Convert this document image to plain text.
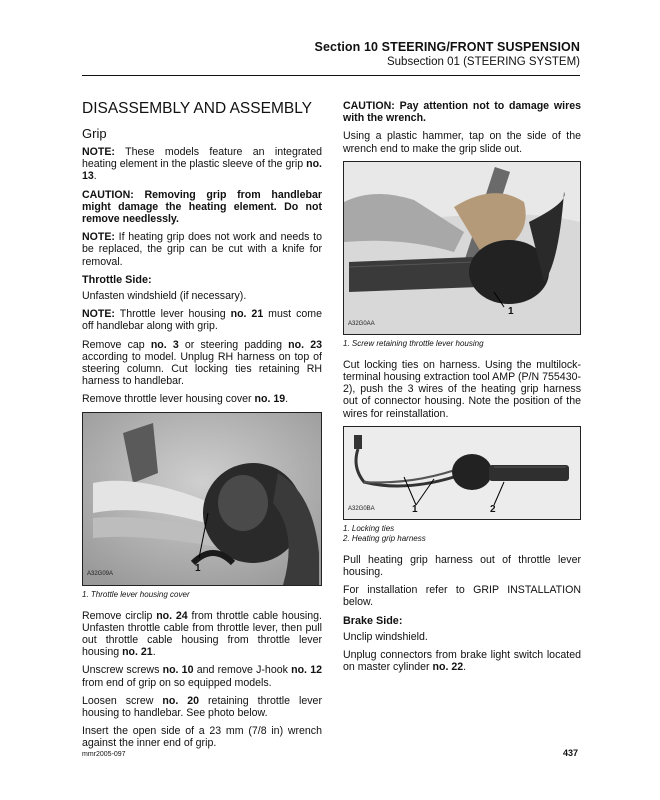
Section 10 STEERING/FRONT SUSPENSION
Subsection 01 (STEERING SYSTEM)
DISASSEMBLY AND ASSEMBLY
Grip

NOTE: These models feature an integrated heating element in the plastic sleeve of the grip no. 13.

CAUTION: Removing grip from handlebar might damage the heating element. Do not remove needlessly.

NOTE: If heating grip does not work and needs to be replaced, the grip can be cut with a knife for removal.

Throttle Side:

Unfasten windshield (if necessary).

NOTE: Throttle lever housing no. 21 must come off handlebar along with grip.

Remove cap no. 3 or steering padding no. 23 according to model. Unplug RH harness on top of steering column. Cut locking ties retaining RH harness to handlebar.

Remove throttle lever housing cover no. 19.

A32G09A
1
1. Throttle lever housing cover

Remove circlip no. 24 from throttle cable housing. Unfasten throttle cable from throttle lever, then pull out throttle cable housing from throttle lever housing no. 21.

Unscrew screws no. 10 and remove J-hook no. 12 from end of grip on so equipped models.

Loosen screw no. 20 retaining throttle lever housing to handlebar. See photo below.

Insert the open side of a 23 mm (7/8 in) wrench against the inner end of grip.

CAUTION: Pay attention not to damage wires with the wrench.

Using a plastic hammer, tap on the side of the wrench end to make the grip slide out.

A32G0AA
1
1. Screw retaining throttle lever housing

Cut locking ties on harness. Using the multilock-terminal housing extraction tool AMP (P/N 755430-2), push the 3 wires of the heating grip harness out of connector housing. Note the position of the wires for reinstallation.

A32G0BA	1	2
1. Locking ties
2. Heating grip harness

Pull heating grip harness out of throttle lever housing.

For installation refer to GRIP INSTALLATION below.

Brake Side:

Unclip windshield.

Unplug connectors from brake light switch located on master cylinder no. 22.

mmr2005-097	437
